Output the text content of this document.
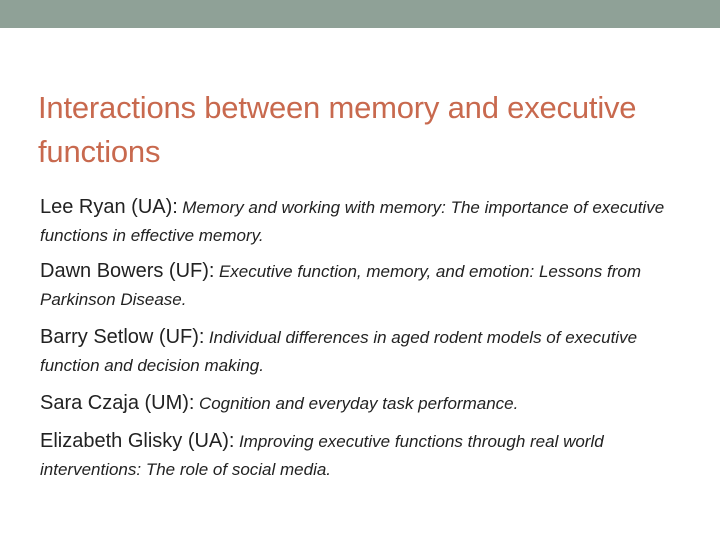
Interactions between memory and executive functions

Lee Ryan (UA): Memory and working with memory: The importance of executive functions in effective memory.

Dawn Bowers (UF): Executive function, memory, and emotion: Lessons from Parkinson Disease.

Barry Setlow (UF): Individual differences in aged rodent models of executive function and decision making.

Sara Czaja (UM): Cognition and everyday task performance.

Elizabeth Glisky (UA): Improving executive functions through real world interventions: The role of social media.
